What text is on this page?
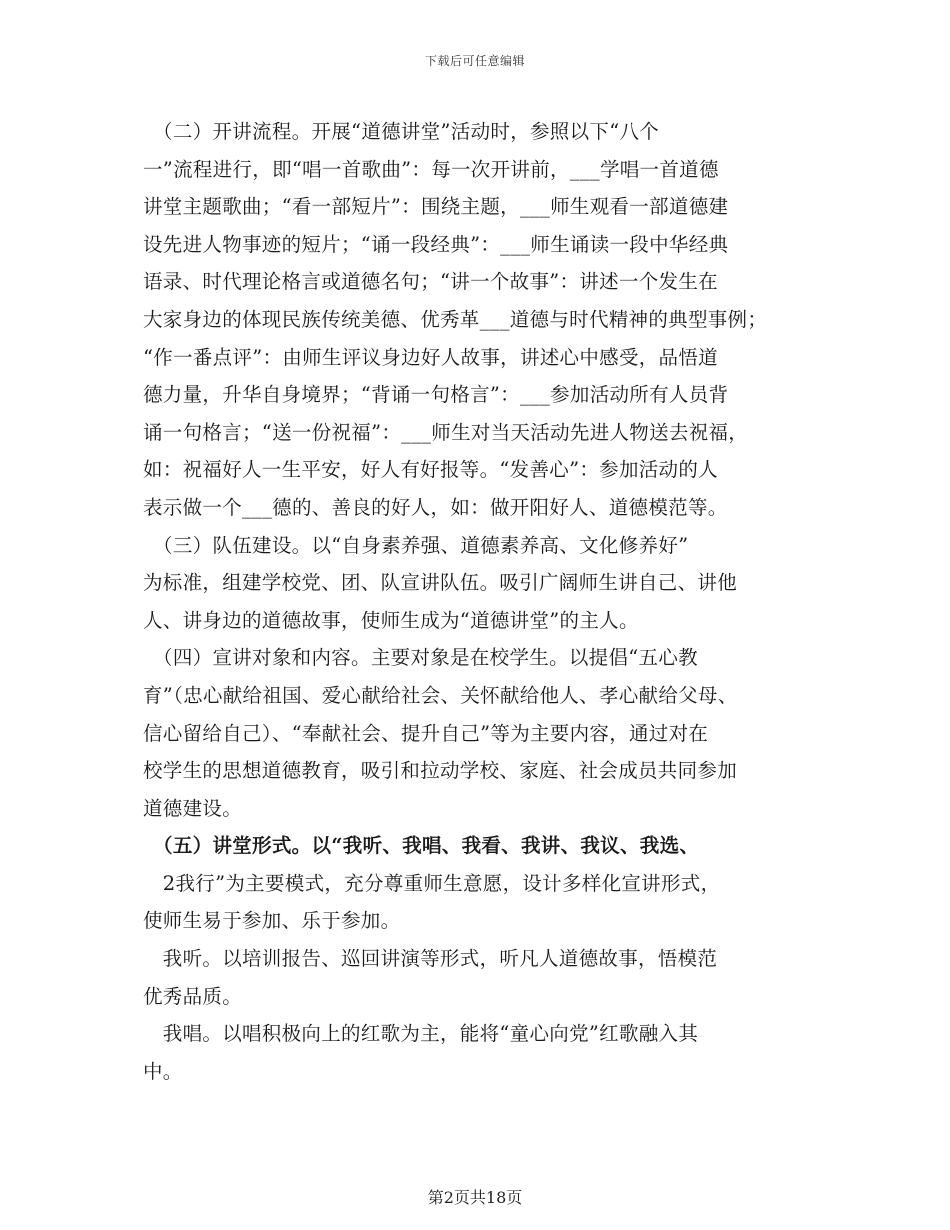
下载后可任意编辑
　（二）开讲流程。开展“道德讲堂”活动时，参照以下“八个
一”流程进行，即“唱一首歌曲”：每一次开讲前，___学唱一首道德
讲堂主题歌曲；“看一部短片”：围绕主题，___师生观看一部道德建
设先进人物事迹的短片；“诵一段经典”：___师生诵读一段中华经典
语录、时代理论格言或道德名句；“讲一个故事”：讲述一个发生在
大家身边的体现民族传统美德、优秀革___道德与时代精神的典型事例；
“作一番点评”：由师生评议身边好人故事，讲述心中感受，品悟道
德力量，升华自身境界；“背诵一句格言”：___参加活动所有人员背
诵一句格言；“送一份祝福”：___师生对当天活动先进人物送去祝福，
如：祝福好人一生平安，好人有好报等。“发善心”：参加活动的人
表示做一个___德的、善良的好人，如：做开阳好人、道德模范等。
　（三）队伍建设。以“自身素养强、道德素养高、文化修养好”
为标准，组建学校党、团、队宣讲队伍。吸引广阔师生讲自己、讲他
人、讲身边的道德故事，使师生成为“道德讲堂”的主人。
　（四）宣讲对象和内容。主要对象是在校学生。以提倡“五心教
育”（忠心献给祖国、爱心献给社会、关怀献给他人、孝心献给父母、
信心留给自己）、“奉献社会、提升自己”等为主要内容，通过对在
校学生的思想道德教育，吸引和拉动学校、家庭、社会成员共同参加
道德建设。
　（五）讲堂形式。以“我听、我唱、我看、我讲、我议、我选、
　2我行”为主要模式，充分尊重师生意愿，设计多样化宣讲形式，
使师生易于参加、乐于参加。
　我听。以培训报告、巡回讲演等形式，听凡人道德故事，悟模范
优秀品质。
　我唱。以唱积极向上的红歌为主，能将“童心向党”红歌融入其
中。
第2页共18页
